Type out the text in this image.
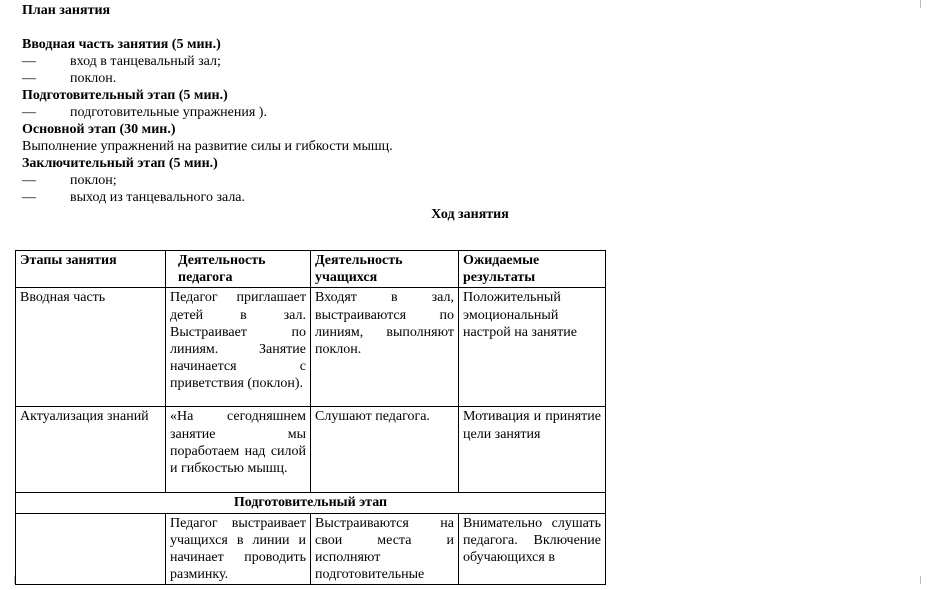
План занятия
Вводная часть занятия (5 мин.)
— вход в танцевальный зал;
— поклон.
Подготовительный этап (5 мин.)
— подготовительные упражнения ).
Основной этап (30 мин.)
Выполнение упражнений на развитие силы и гибкости мышц.
Заключительный этап (5 мин.)
— поклон;
— выход из танцевального зала.
Ход занятия
Этапы занятия	Деятельность педагога	Деятельность учащихся	Ожидаемые результаты
Вводная часть	Педагог приглашает детей в зал. Выстраивает по линиям. Занятие начинается с приветствия (поклон).	Входят в зал, выстраиваются по линиям, выполняют поклон.	Положительный эмоциональный настрой на занятие
Актуализация знаний	«На сегодняшнем занятие мы поработаем над силой и гибкостью мышц.	Слушают педагога.	Мотивация и принятие цели занятия
Подготовительный этап			
	Педагог выстраивает учащихся в линии и начинает проводить разминку.	Выстраиваются на свои места и исполняют подготовительные	Внимательно слушать педагога. Включение обучающихся в
